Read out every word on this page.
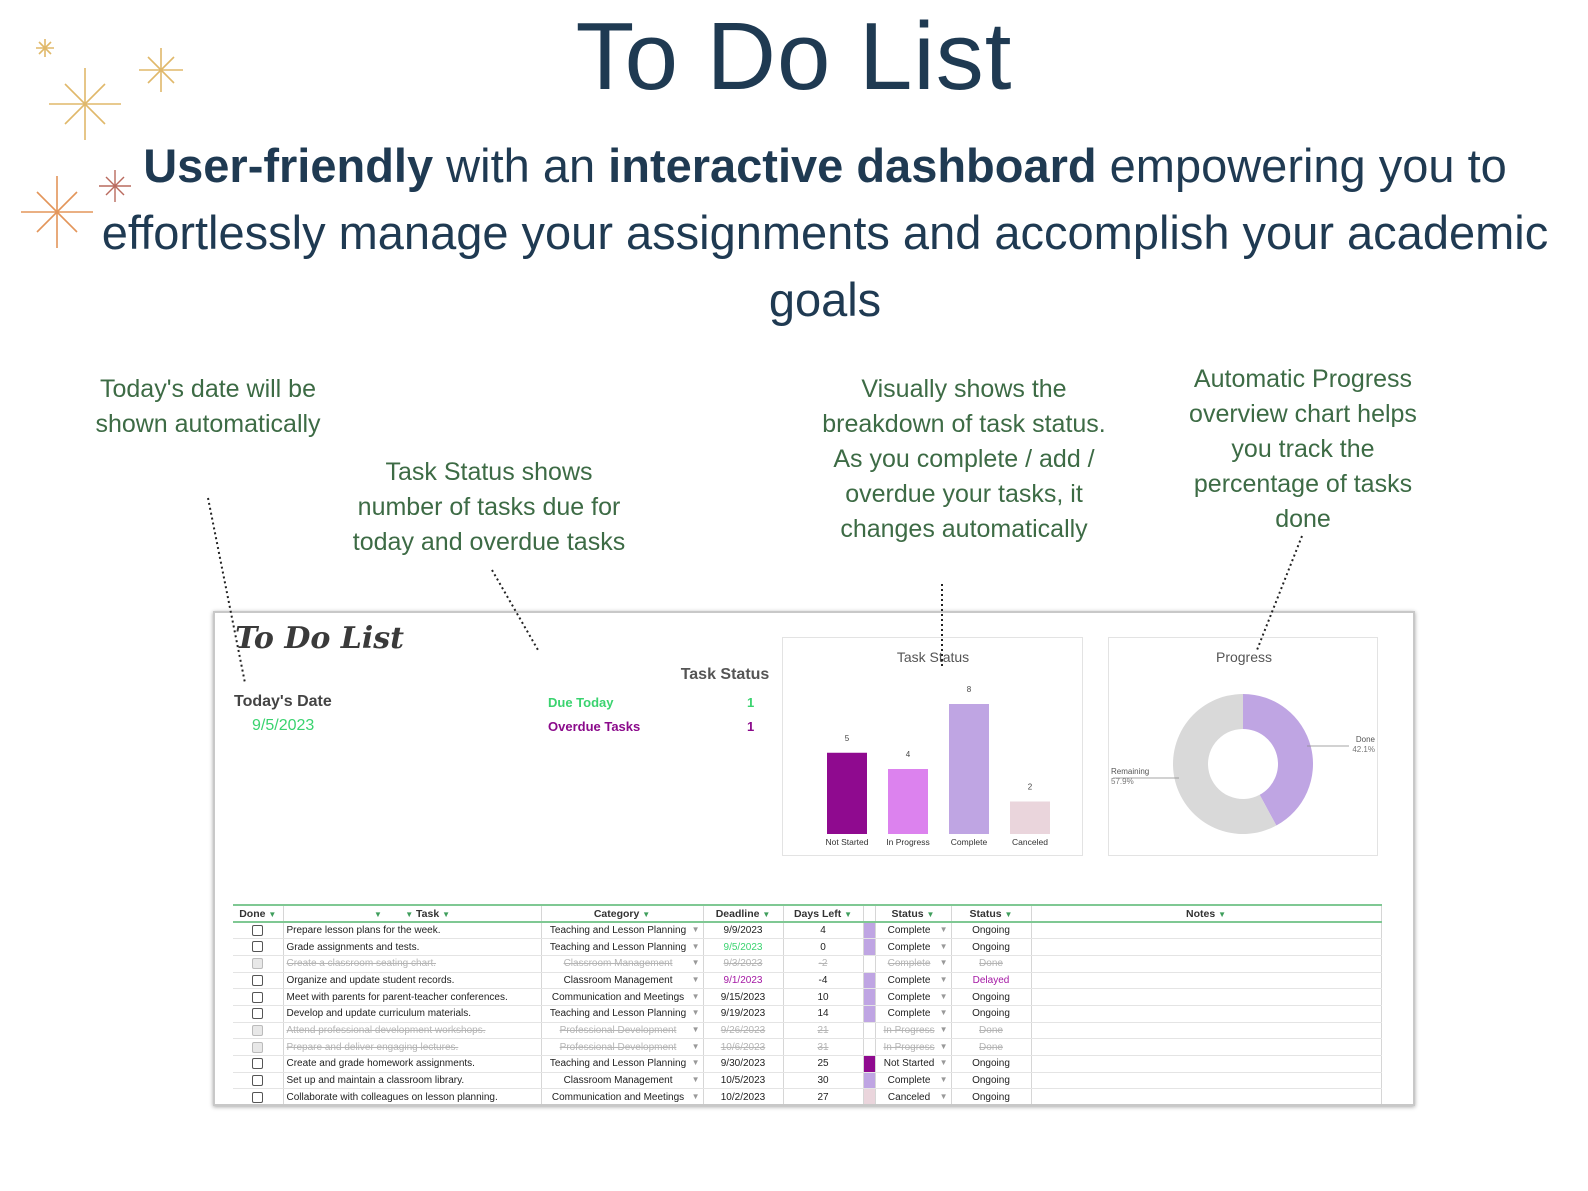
To Do List
User-friendly with an interactive dashboard empowering you to effortlessly manage your assignments and accomplish your academic goals
Today's date will be shown automatically
Task Status shows number of tasks due for today and overdue tasks
Visually shows the breakdown of task status. As you complete / add / overdue your tasks, it changes automatically
Automatic Progress overview chart helps you track the percentage of tasks done
To Do List
Today's Date
9/5/2023
Task Status
Due Today	1
Overdue Tasks	1
Task Status
5
Not Started
4
In Progress
8
Complete
2
Canceled
Progress
Done
42.1%
Remaining
57.9%
Done ▼	▼ ▼ Task ▼	Category ▼	Deadline ▼	Days Left ▼		Status ▼	Status ▼	Notes ▼
	Prepare lesson plans for the week.	Teaching and Lesson Planning ▼	9/9/2023	4		Complete ▼	Ongoing	
	Grade assignments and tests.	Teaching and Lesson Planning ▼	9/5/2023	0		Complete ▼	Ongoing	
	Create a classroom seating chart.	Classroom Management ▼	9/3/2023	-2		Complete ▼	Done	
	Organize and update student records.	Classroom Management ▼	9/1/2023	-4		Complete ▼	Delayed	
	Meet with parents for parent-teacher conferences.	Communication and Meetings ▼	9/15/2023	10		Complete ▼	Ongoing	
	Develop and update curriculum materials.	Teaching and Lesson Planning ▼	9/19/2023	14		Complete ▼	Ongoing	
	Attend professional development workshops.	Professional Development ▼	9/26/2023	21		In Progress ▼	Done	
	Prepare and deliver engaging lectures.	Professional Development ▼	10/6/2023	31		In Progress ▼	Done	
	Create and grade homework assignments.	Teaching and Lesson Planning ▼	9/30/2023	25		Not Started ▼	Ongoing	
	Set up and maintain a classroom library.	Classroom Management ▼	10/5/2023	30		Complete ▼	Ongoing	
	Collaborate with colleagues on lesson planning.	Communication and Meetings ▼	10/2/2023	27		Canceled ▼	Ongoing	
